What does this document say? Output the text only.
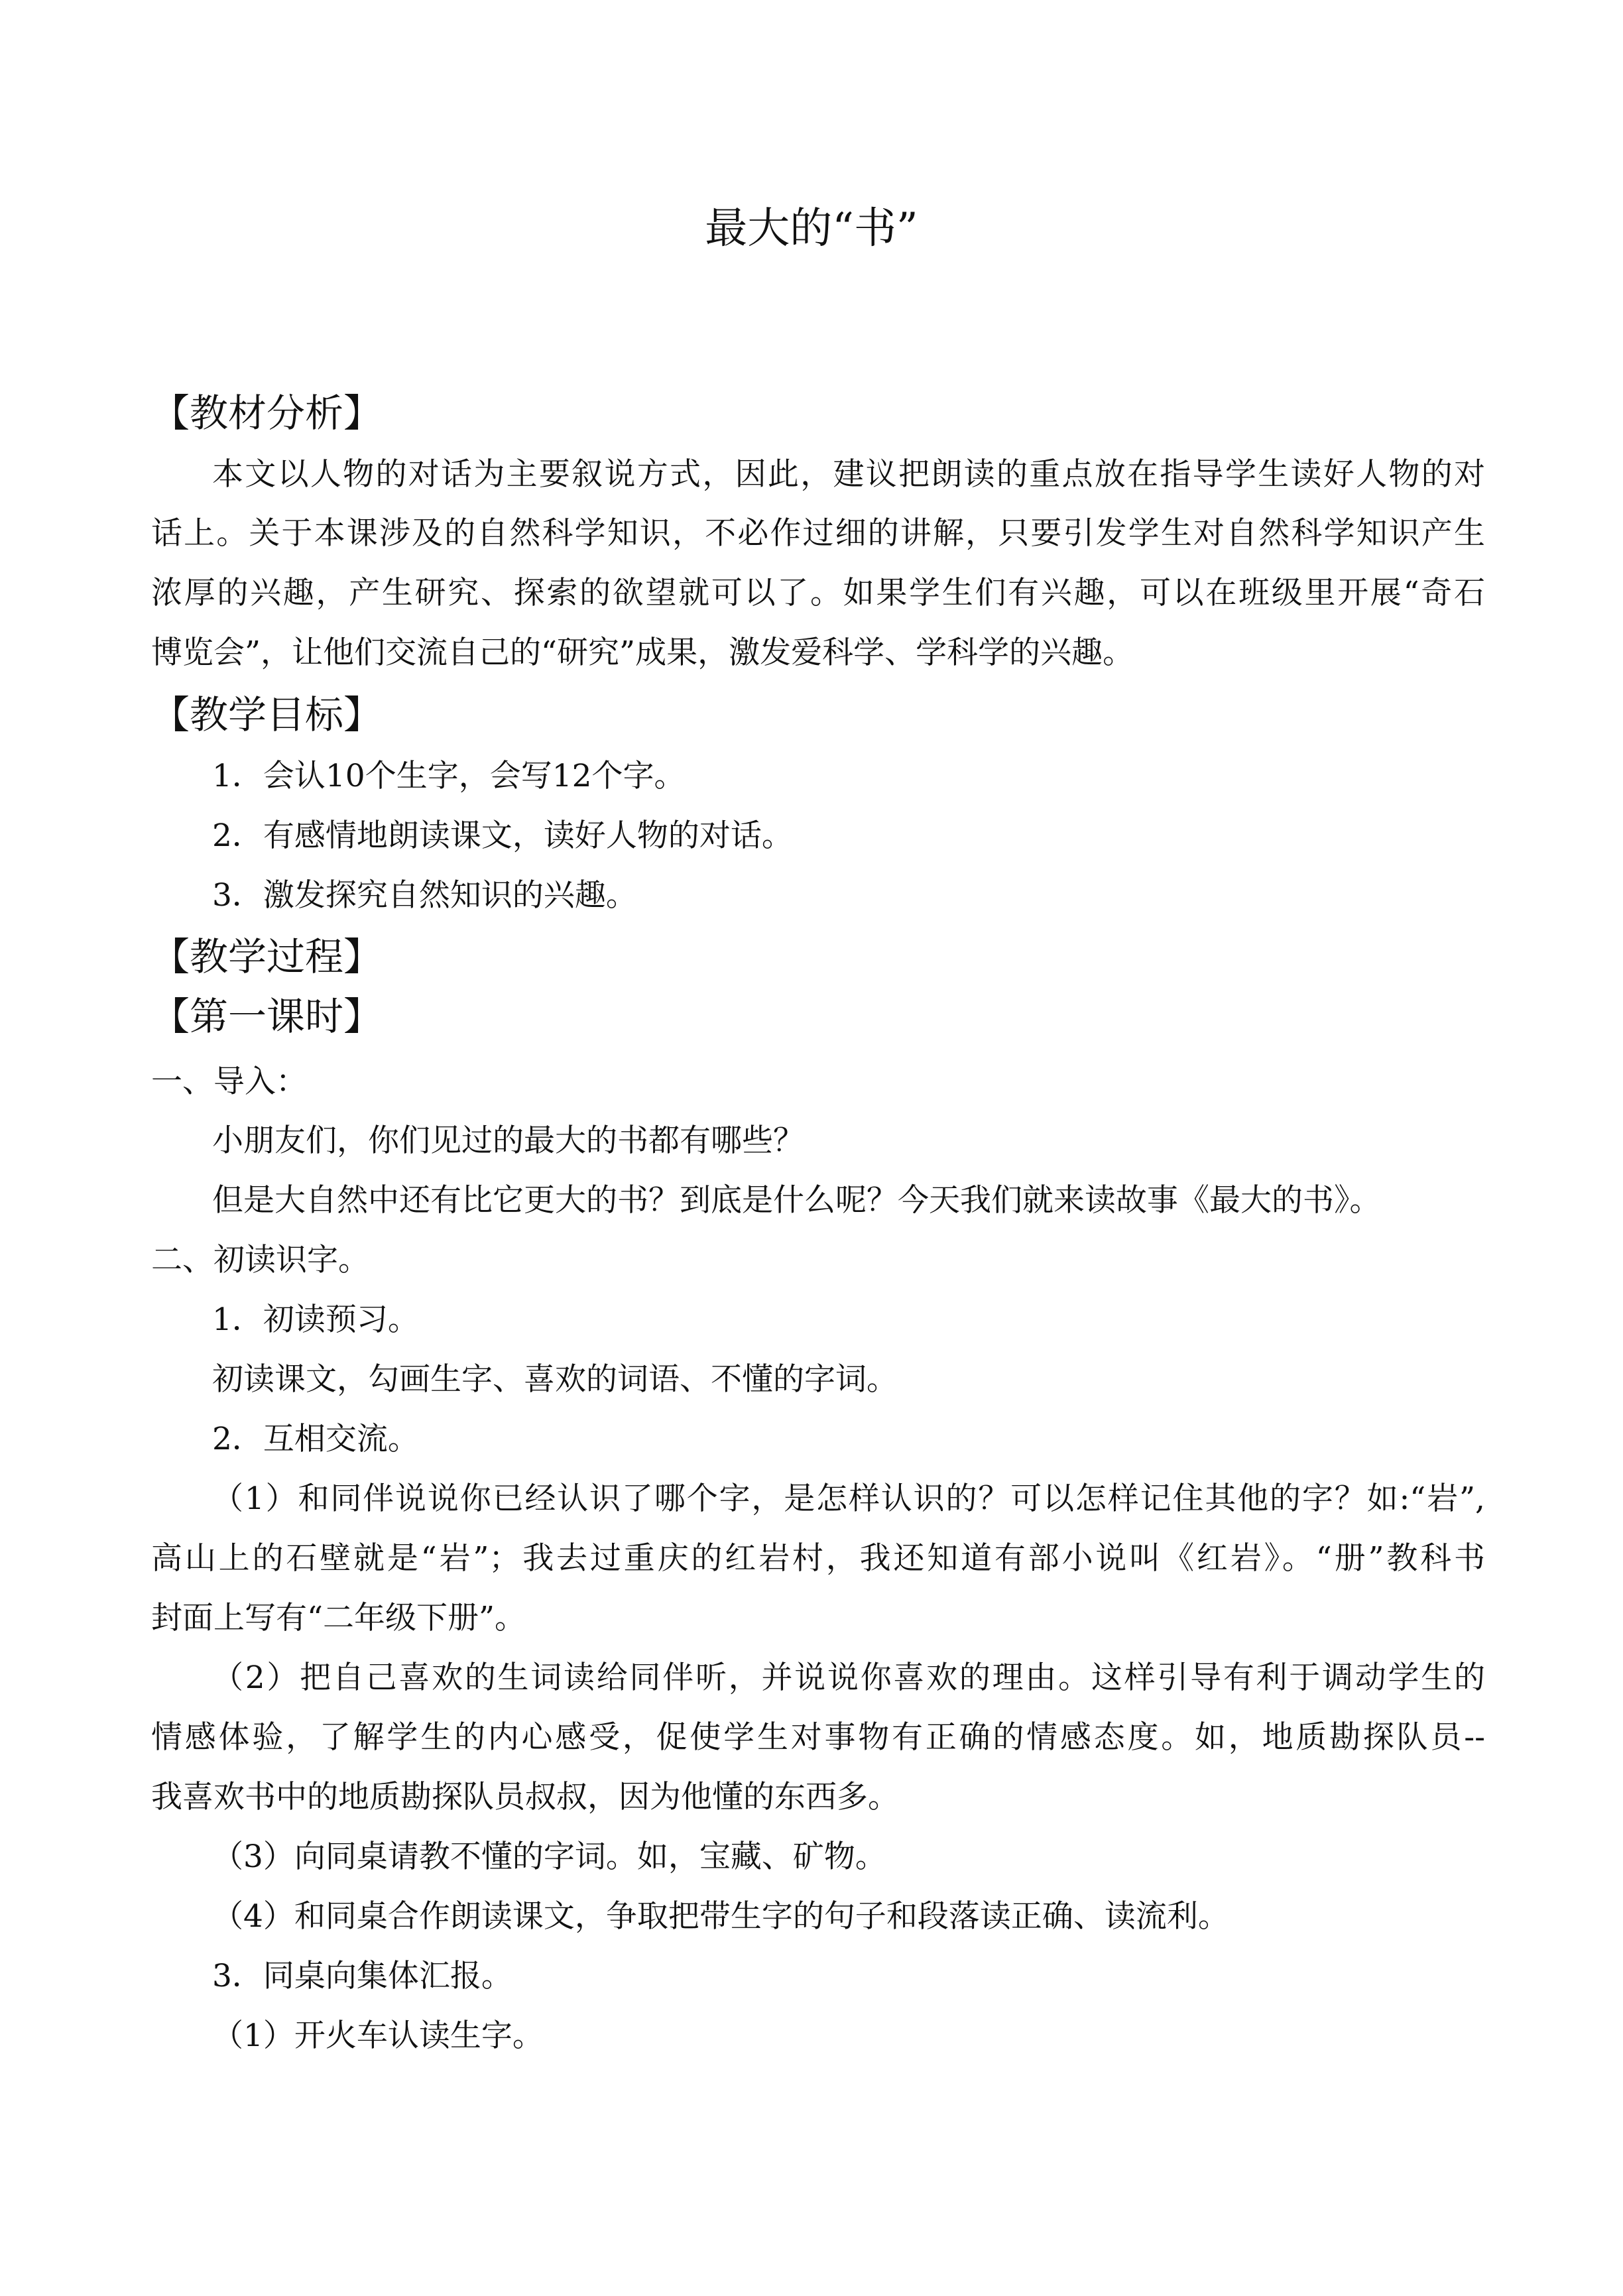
最大的“书”
【教材分析】
本文以人物的对话为主要叙说方式，因此，建议把朗读的重点放在指导学生读好人物的对
话上。关于本课涉及的自然科学知识，不必作过细的讲解，只要引发学生对自然科学知识产生
浓厚的兴趣，产生研究、探索的欲望就可以了。如果学生们有兴趣，可以在班级里开展“奇石
博览会”，让他们交流自己的“研究”成果，激发爱科学、学科学的兴趣。
【教学目标】
1．会认10个生字，会写12个字。
2．有感情地朗读课文，读好人物的对话。
3．激发探究自然知识的兴趣。
【教学过程】
【第一课时】
一、导入：
小朋友们，你们见过的最大的书都有哪些？
但是大自然中还有比它更大的书？到底是什么呢？今天我们就来读故事《最大的书》。
二、初读识字。
1．初读预习。
初读课文，勾画生字、喜欢的词语、不懂的字词。
2．互相交流。
（1）和同伴说说你已经认识了哪个字，是怎样认识的？可以怎样记住其他的字？如:“岩”,
高山上的石壁就是“岩”；我去过重庆的红岩村，我还知道有部小说叫《红岩》。“册”教科书
封面上写有“二年级下册”。
（2）把自己喜欢的生词读给同伴听，并说说你喜欢的理由。这样引导有利于调动学生的
情感体验，了解学生的内心感受，促使学生对事物有正确的情感态度。如，地质勘探队员--
我喜欢书中的地质勘探队员叔叔，因为他懂的东西多。
（3）向同桌请教不懂的字词。如，宝藏、矿物。
（4）和同桌合作朗读课文，争取把带生字的句子和段落读正确、读流利。
3．同桌向集体汇报。
（1）开火车认读生字。
